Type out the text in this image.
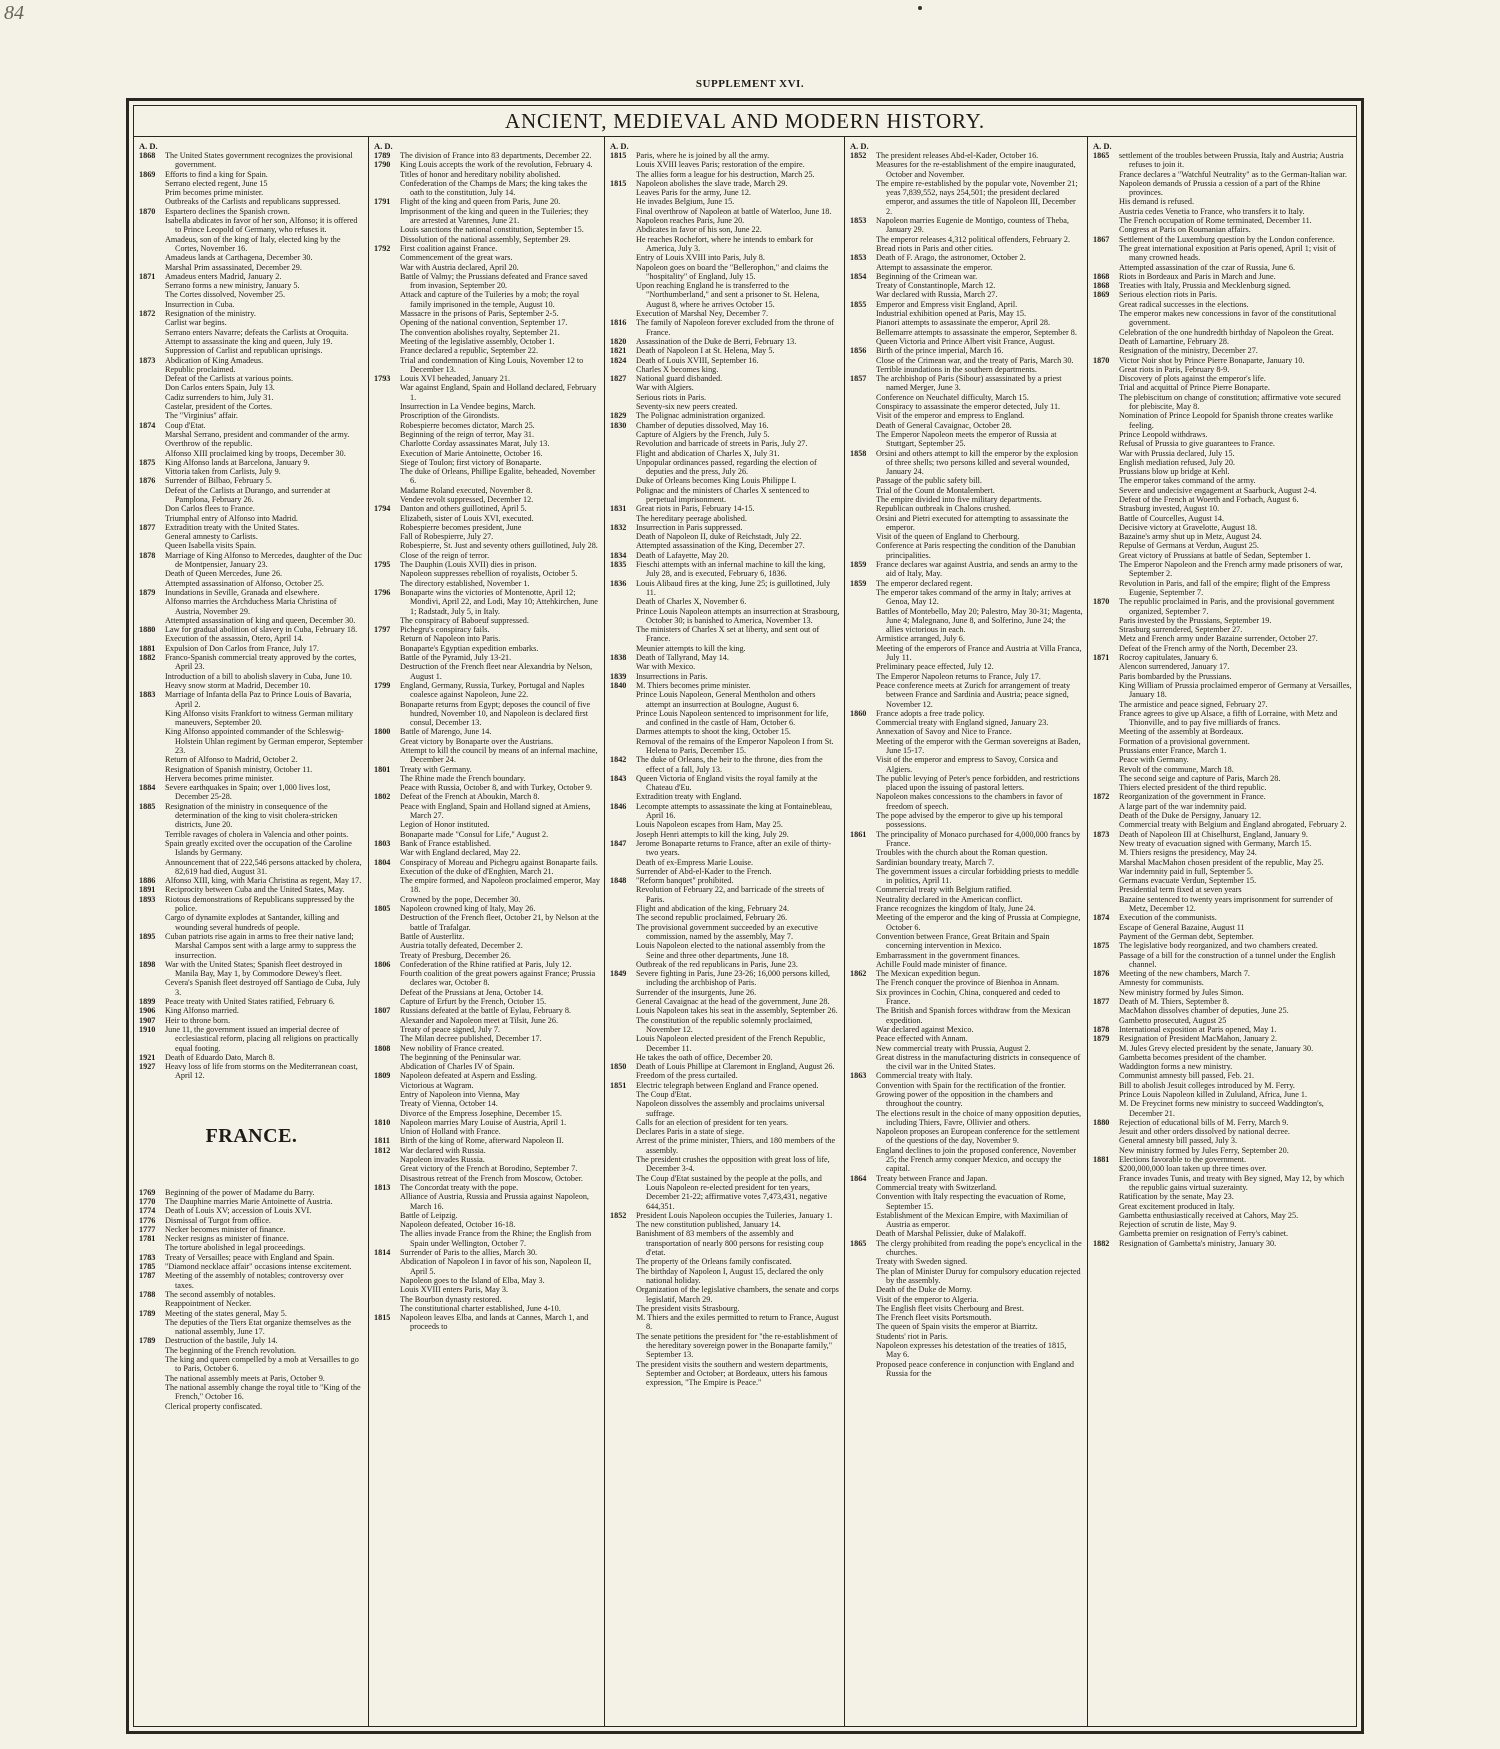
84
SUPPLEMENT XVI.
ANCIENT, MEDIEVAL AND MODERN HISTORY.
A. D.
1868	The United States government recognizes the provisional government.
1869	Efforts to find a king for Spain.
Serrano elected regent, June 15
Prim becomes prime minister.
Outbreaks of the Carlists and republicans suppressed.
1870	Espartero declines the Spanish crown.
Isabella abdicates in favor of her son, Alfonso; it is offered to Prince Leopold of Germany, who refuses it.
Amadeus, son of the king of Italy, elected king by the Cortes, November 16.
Amadeus lands at Carthagena, December 30.
Marshal Prim assassinated, December 29.
1871	Amadeus enters Madrid, January 2.
Serrano forms a new ministry, January 5.
The Cortes dissolved, November 25.
Insurrection in Cuba.
1872	Resignation of the ministry.
Carlist war begins.
Serrano enters Navarre; defeats the Carlists at Oroquita.
Attempt to assassinate the king and queen, July 19.
Suppression of Carlist and republican uprisings.
1873	Abdication of King Amadeus.
Republic proclaimed.
Defeat of the Carlists at various points.
Don Carlos enters Spain, July 13.
Cadiz surrenders to him, July 31.
Castelar, president of the Cortes.
The "Virginius" affair.
1874	Coup d'Etat.
Marshal Serrano, president and commander of the army.
Overthrow of the republic.
Alfonso XIII proclaimed king by troops, December 30.
1875	King Alfonso lands at Barcelona, January 9.
Vittoria taken from Carlists, July 9.
1876	Surrender of Bilbao, February 5.
Defeat of the Carlists at Durango, and surrender at Pamplona, February 26.
Don Carlos flees to France.
Triumphal entry of Alfonso into Madrid.
1877	Extradition treaty with the United States.
General amnesty to Carlists.
Queen Isabella visits Spain.
1878	Marriage of King Alfonso to Mercedes, daughter of the Duc de Montpensier, January 23.
Death of Queen Mercedes, June 26.
Attempted assassination of Alfonso, October 25.
1879	Inundations in Seville, Granada and elsewhere.
Alfonso marries the Archduchess Maria Christina of Austria, November 29.
Attempted assassination of king and queen, December 30.
1880	Law for gradual abolition of slavery in Cuba, February 18.
Execution of the assassin, Otero, April 14.
1881	Expulsion of Don Carlos from France, July 17.
1882	Franco-Spanish commercial treaty approved by the cortes, April 23.
Introduction of a bill to abolish slavery in Cuba, June 10.
Heavy snow storm at Madrid, December 10.
1883	Marriage of Infanta della Paz to Prince Louis of Bavaria, April 2.
King Alfonso visits Frankfort to witness German military maneuvers, September 20.
King Alfonso appointed commander of the Schleswig-Holstein Uhlan regiment by German emperor, September 23.
Return of Alfonso to Madrid, October 2.
Resignation of Spanish ministry, October 11.
Hervera becomes prime minister.
1884	Severe earthquakes in Spain; over 1,000 lives lost, December 25-28.
1885	Resignation of the ministry in consequence of the determination of the king to visit cholera-stricken districts, June 20.
Terrible ravages of cholera in Valencia and other points.
Spain greatly excited over the occupation of the Caroline Islands by Germany.
Announcement that of 222,546 persons attacked by cholera, 82,619 had died, August 31.
1886	Alfonso XIII, king, with Maria Christina as regent, May 17.
1891	Reciprocity between Cuba and the United States, May.
1893	Riotous demonstrations of Republicans suppressed by the police.
Cargo of dynamite explodes at Santander, killing and wounding several hundreds of people.
1895	Cuban patriots rise again in arms to free their native land; Marshal Campos sent with a large army to suppress the insurrection.
1898	War with the United States; Spanish fleet destroyed in Manila Bay, May 1, by Commodore Dewey's fleet.
Cevera's Spanish fleet destroyed off Santiago de Cuba, July 3.
1899	Peace treaty with United States ratified, February 6.
1906	King Alfonso married.
1907	Heir to throne born.
1910	June 11, the government issued an imperial decree of ecclesiastical reform, placing all religions on practically equal footing.
1921	Death of Eduardo Dato, March 8.
1927	Heavy loss of life from storms on the Mediterranean coast, April 12.
FRANCE.
1769	Beginning of the power of Madame du Barry.
1770	The Dauphine marries Marie Antoinette of Austria.
1774	Death of Louis XV; accession of Louis XVI.
1776	Dismissal of Turgot from office.
1777	Necker becomes minister of finance.
1781	Necker resigns as minister of finance.
The torture abolished in legal proceedings.
1783	Treaty of Versailles; peace with England and Spain.
1785	"Diamond necklace affair" occasions intense excitement.
1787	Meeting of the assembly of notables; controversy over taxes.
1788	The second assembly of notables.
Reappointment of Necker.
1789	Meeting of the states general, May 5.
The deputies of the Tiers Etat organize themselves as the national assembly, June 17.
1789	Destruction of the bastile, July 14.
The beginning of the French revolution.
The king and queen compelled by a mob at Versailles to go to Paris, October 6.
The national assembly meets at Paris, October 9.
The national assembly change the royal title to "King of the French," October 16.
Clerical property confiscated.
A. D.
1789	The division of France into 83 departments, December 22.
1790	King Louis accepts the work of the revolution, February 4.
Titles of honor and hereditary nobility abolished.
Confederation of the Champs de Mars; the king takes the oath to the constitution, July 14.
1791	Flight of the king and queen from Paris, June 20.
Imprisonment of the king and queen in the Tuileries; they are arrested at Varennes, June 21.
Louis sanctions the national constitution, September 15.
Dissolution of the national assembly, September 29.
1792	First coalition against France.
Commencement of the great wars.
War with Austria declared, April 20.
Battle of Valmy; the Prussians defeated and France saved from invasion, September 20.
Attack and capture of the Tuileries by a mob; the royal family imprisoned in the temple, August 10.
Massacre in the prisons of Paris, September 2-5.
Opening of the national convention, September 17.
The convention abolishes royalty, September 21.
Meeting of the legislative assembly, October 1.
France declared a republic, September 22.
Trial and condemnation of King Louis, November 12 to December 13.
1793	Louis XVI beheaded, January 21.
War against England, Spain and Holland declared, February 1.
Insurrection in La Vendee begins, March.
Proscription of the Girondists.
Robespierre becomes dictator, March 25.
Beginning of the reign of terror, May 31.
Charlotte Corday assassinates Marat, July 13.
Execution of Marie Antoinette, October 16.
Siege of Toulon; first victory of Bonaparte.
The duke of Orleans, Phillipe Egalite, beheaded, November 6.
Madame Roland executed, November 8.
Vendee revolt suppressed, December 12.
1794	Danton and others guillotined, April 5.
Elizabeth, sister of Louis XVI, executed.
Robespierre becomes president, June
Fall of Robespierre, July 27.
Robespierre, St. Just and seventy others guillotined, July 28.
Close of the reign of terror.
1795	The Dauphin (Louis XVII) dies in prison.
Napoleon suppresses rebellion of royalists, October 5.
The directory established, November 1.
1796	Bonaparte wins the victories of Montenotte, April 12; Mondivi, April 22, and Lodi, May 10; Attehkirchen, June 1; Radstadt, July 5, in Italy.
The conspiracy of Baboeuf suppressed.
1797	Pichegru's conspiracy fails.
Return of Napoleon into Paris.
Bonaparte's Egyptian expedition embarks.
Battle of the Pyramid, July 13-21.
Destruction of the French fleet near Alexandria by Nelson, August 1.
1799	England, Germany, Russia, Turkey, Portugal and Naples coalesce against Napoleon, June 22.
Bonaparte returns from Egypt; deposes the council of five hundred, November 10, and Napoleon is declared first consul, December 13.
1800	Battle of Marengo, June 14.
Great victory by Bonaparte over the Austrians.
Attempt to kill the council by means of an infernal machine, December 24.
1801	Treaty with Germany.
The Rhine made the French boundary.
Peace with Russia, October 8, and with Turkey, October 9.
1802	Defeat of the French at Aboukin, March 8.
Peace with England, Spain and Holland signed at Amiens, March 27.
Legion of Honor instituted.
Bonaparte made "Consul for Life," August 2.
1803	Bank of France established.
War with England declared, May 22.
1804	Conspiracy of Moreau and Pichegru against Bonaparte fails.
Execution of the duke of d'Enghien, March 21.
The empire formed, and Napoleon proclaimed emperor, May 18.
Crowned by the pope, December 30.
1805	Napoleon crowned king of Italy, May 26.
Destruction of the French fleet, October 21, by Nelson at the battle of Trafalgar.
Battle of Austerlitz.
Austria totally defeated, December 2.
Treaty of Presburg, December 26.
1806	Confederation of the Rhine ratified at Paris, July 12.
Fourth coalition of the great powers against France; Prussia declares war, October 8.
Defeat of the Prussians at Jena, October 14.
Capture of Erfurt by the French, October 15.
1807	Russians defeated at the battle of Eylau, February 8.
Alexander and Napoleon meet at Tilsit, June 26.
Treaty of peace signed, July 7.
The Milan decree published, December 17.
1808	New nobility of France created.
The beginning of the Peninsular war.
Abdication of Charles IV of Spain.
1809	Napoleon defeated at Aspern and Essling.
Victorious at Wagram.
Entry of Napoleon into Vienna, May
Treaty of Vienna, October 14.
Divorce of the Empress Josephine, December 15.
1810	Napoleon marries Mary Louise of Austria, April 1.
Union of Holland with France.
1811	Birth of the king of Rome, afterward Napoleon II.
1812	War declared with Russia.
Napoleon invades Russia.
Great victory of the French at Borodino, September 7.
Disastrous retreat of the French from Moscow, October.
1813	The Concordat treaty with the pope.
Alliance of Austria, Russia and Prussia against Napoleon, March 16.
Battle of Leipzig.
Napoleon defeated, October 16-18.
The allies invade France from the Rhine; the English from Spain under Wellington, October 7.
1814	Surrender of Paris to the allies, March 30.
Abdication of Napoleon I in favor of his son, Napoleon II, April 5.
Napoleon goes to the Island of Elba, May 3.
Louis XVIII enters Paris, May 3.
The Bourbon dynasty restored.
The constitutional charter established, June 4-10.
1815	Napoleon leaves Elba, and lands at Cannes, March 1, and proceeds to
A. D.
1815	Paris, where he is joined by all the army.
Louis XVIII leaves Paris; restoration of the empire.
The allies form a league for his destruction, March 25.
1815	Napoleon abolishes the slave trade, March 29.
Leaves Paris for the army, June 12.
He invades Belgium, June 15.
Final overthrow of Napoleon at battle of Waterloo, June 18.
Napoleon reaches Paris, June 20.
Abdicates in favor of his son, June 22.
He reaches Rochefort, where he intends to embark for America, July 3.
Entry of Louis XVIII into Paris, July 8.
Napoleon goes on board the "Bellerophon," and claims the "hospitality" of England, July 15.
Upon reaching England he is transferred to the "Northumberland," and sent a prisoner to St. Helena, August 8, where he arrives October 15.
Execution of Marshal Ney, December 7.
1816	The family of Napoleon forever excluded from the throne of France.
1820	Assassination of the Duke de Berri, February 13.
1821	Death of Napoleon I at St. Helena, May 5.
1824	Death of Louis XVIII, September 16.
Charles X becomes king.
1827	National guard disbanded.
War with Algiers.
Serious riots in Paris.
Seventy-six new peers created.
1829	The Polignac administration organized.
1830	Chamber of deputies dissolved, May 16.
Capture of Algiers by the French, July 5.
Revolution and barricade of streets in Paris, July 27.
Flight and abdication of Charles X, July 31.
Unpopular ordinances passed, regarding the election of deputies and the press, July 26.
Duke of Orleans becomes King Louis Philippe I.
Polignac and the ministers of Charles X sentenced to perpetual imprisonment.
1831	Great riots in Paris, February 14-15.
The hereditary peerage abolished.
1832	Insurrection in Paris suppressed.
Death of Napoleon II, duke of Reichstadt, July 22.
Attempted assassination of the King, December 27.
1834	Death of Lafayette, May 20.
1835	Fieschi attempts with an infernal machine to kill the king, July 28, and is executed, February 6, 1836.
1836	Louis Alibaud fires at the king, June 25; is guillotined, July 11.
Death of Charles X, November 6.
Prince Louis Napoleon attempts an insurrection at Strasbourg, October 30; is banished to America, November 13.
The ministers of Charles X set at liberty, and sent out of France.
Meunier attempts to kill the king.
1838	Death of Tallyrand, May 14.
War with Mexico.
1839	Insurrections in Paris.
1840	M. Thiers becomes prime minister.
Prince Louis Napoleon, General Mentholon and others attempt an insurrection at Boulogne, August 6.
Prince Louis Napoleon sentenced to imprisonment for life, and confined in the castle of Ham, October 6.
Darmes attempts to shoot the king, October 15.
Removal of the remains of the Emperor Napoleon I from St. Helena to Paris, December 15.
1842	The duke of Orleans, the heir to the throne, dies from the effect of a fall, July 13.
1843	Queen Victoria of England visits the royal family at the Chateau d'Eu.
Extradition treaty with England.
1846	Lecompte attempts to assassinate the king at Fontainebleau, April 16.
Louis Napoleon escapes from Ham, May 25.
Joseph Henri attempts to kill the king, July 29.
1847	Jerome Bonaparte returns to France, after an exile of thirty-two years.
Death of ex-Empress Marie Louise.
Surrender of Abd-el-Kader to the French.
1848	"Reform banquet" prohibited.
Revolution of February 22, and barricade of the streets of Paris.
Flight and abdication of the king, February 24.
The second republic proclaimed, February 26.
The provisional government succeeded by an executive commission, named by the assembly, May 7.
Louis Napoleon elected to the national assembly from the Seine and three other departments, June 18.
Outbreak of the red republicans in Paris, June 23.
1849	Severe fighting in Paris, June 23-26; 16,000 persons killed, including the archbishop of Paris.
Surrender of the insurgents, June 26.
General Cavaignac at the head of the government, June 28.
Louis Napoleon takes his seat in the assembly, September 26.
The constitution of the republic solemnly proclaimed, November 12.
Louis Napoleon elected president of the French Republic, December 11.
He takes the oath of office, December 20.
1850	Death of Louis Phillipe at Claremont in England, August 26.
Freedom of the press curtailed.
1851	Electric telegraph between England and France opened.
The Coup d'Etat.
Napoleon dissolves the assembly and proclaims universal suffrage.
Calls for an election of president for ten years.
Declares Paris in a state of siege.
Arrest of the prime minister, Thiers, and 180 members of the assembly.
The president crushes the opposition with great loss of life, December 3-4.
The Coup d'Etat sustained by the people at the polls, and Louis Napoleon re-elected president for ten years, December 21-22; affirmative votes 7,473,431, negative 644,351.
1852	President Louis Napoleon occupies the Tuileries, January 1.
The new constitution published, January 14.
Banishment of 83 members of the assembly and transportation of nearly 800 persons for resisting coup d'etat.
The property of the Orleans family confiscated.
The birthday of Napoleon I, August 15, declared the only national holiday.
Organization of the legislative chambers, the senate and corps legislatif, March 29.
The president visits Strasbourg.
M. Thiers and the exiles permitted to return to France, August 8.
The senate petitions the president for "the re-establishment of the hereditary sovereign power in the Bonaparte family," September 13.
The president visits the southern and western departments, September and October; at Bordeaux, utters his famous expression, "The Empire is Peace."
A. D.
1852	The president releases Abd-el-Kader, October 16.
Measures for the re-establishment of the empire inaugurated, October and November.
The empire re-established by the popular vote, November 21; yeas 7,839,552, nays 254,501; the president declared emperor, and assumes the title of Napoleon III, December 2.
1853	Napoleon marries Eugenie de Montigo, countess of Theba, January 29.
The emperor releases 4,312 political offenders, February 2.
Bread riots in Paris and other cities.
1853	Death of F. Arago, the astronomer, October 2.
Attempt to assassinate the emperor.
1854	Beginning of the Crimean war.
Treaty of Constantinople, March 12.
War declared with Russia, March 27.
1855	Emperor and Empress visit England, April.
Industrial exhibition opened at Paris, May 15.
Pianori attempts to assassinate the emperor, April 28.
Bellemarre attempts to assassinate the emperor, September 8.
Queen Victoria and Prince Albert visit France, August.
1856	Birth of the prince imperial, March 16.
Close of the Crimean war, and the treaty of Paris, March 30.
Terrible inundations in the southern departments.
1857	The archbishop of Paris (Sibour) assassinated by a priest named Merger, June 3.
Conference on Neuchatel difficulty, March 15.
Conspiracy to assassinate the emperor detected, July 11.
Visit of the emperor and empress to England.
Death of General Cavaignac, October 28.
The Emperor Napoleon meets the emperor of Russia at Stuttgart, September 25.
1858	Orsini and others attempt to kill the emperor by the explosion of three shells; two persons killed and several wounded, January 24.
Passage of the public safety bill.
Trial of the Count de Montalembert.
The empire divided into five military departments.
Republican outbreak in Chalons crushed.
Orsini and Pietri executed for attempting to assassinate the emperor.
Visit of the queen of England to Cherbourg.
Conference at Paris respecting the condition of the Danubian principalities.
1859	France declares war against Austria, and sends an army to the aid of Italy, May.
1859	The emperor declared regent.
The emperor takes command of the army in Italy; arrives at Genoa, May 12.
Battles of Montebello, May 20; Palestro, May 30-31; Magenta, June 4; Malegnano, June 8, and Solferino, June 24; the allies victorious in each.
Armistice arranged, July 6.
Meeting of the emperors of France and Austria at Villa Franca, July 11.
Preliminary peace effected, July 12.
The Emperor Napoleon returns to France, July 17.
Peace conference meets at Zurich for arrangement of treaty between France and Sardinia and Austria; peace signed, November 12.
1860	France adopts a free trade policy.
Commercial treaty with England signed, January 23.
Annexation of Savoy and Nice to France.
Meeting of the emperor with the German sovereigns at Baden, June 15-17.
Visit of the emperor and empress to Savoy, Corsica and Algiers.
The public levying of Peter's pence forbidden, and restrictions placed upon the issuing of pastoral letters.
Napoleon makes concessions to the chambers in favor of freedom of speech.
The pope advised by the emperor to give up his temporal possessions.
1861	The principality of Monaco purchased for 4,000,000 francs by France.
Troubles with the church about the Roman question.
Sardinian boundary treaty, March 7.
The government issues a circular forbidding priests to meddle in politics, April 11.
Commercial treaty with Belgium ratified.
Neutrality declared in the American conflict.
France recognizes the kingdom of Italy, June 24.
Meeting of the emperor and the king of Prussia at Compiegne, October 6.
Convention between France, Great Britain and Spain concerning intervention in Mexico.
Embarrassment in the government finances.
Achille Fould made minister of finance.
1862	The Mexican expedition begun.
The French conquer the province of Bienhoa in Annam.
Six provinces in Cochin, China, conquered and ceded to France.
The British and Spanish forces withdraw from the Mexican expedition.
War declared against Mexico.
Peace effected with Annam.
New commercial treaty with Prussia, August 2.
Great distress in the manufacturing districts in consequence of the civil war in the United States.
1863	Commercial treaty with Italy.
Convention with Spain for the rectification of the frontier.
Growing power of the opposition in the chambers and throughout the country.
The elections result in the choice of many opposition deputies, including Thiers, Favre, Ollivier and others.
Napoleon proposes an European conference for the settlement of the questions of the day, November 9.
England declines to join the proposed conference, November 25; the French army conquer Mexico, and occupy the capital.
1864	Treaty between France and Japan.
Commercial treaty with Switzerland.
Convention with Italy respecting the evacuation of Rome, September 15.
Establishment of the Mexican Empire, with Maximilian of Austria as emperor.
Death of Marshal Pelissier, duke of Malakoff.
1865	The clergy prohibited from reading the pope's encyclical in the churches.
Treaty with Sweden signed.
The plan of Minister Duruy for compulsory education rejected by the assembly.
Death of the Duke de Morny.
Visit of the emperor to Algeria.
The English fleet visits Cherbourg and Brest.
The French fleet visits Portsmouth.
The queen of Spain visits the emperor at Biarritz.
Students' riot in Paris.
Napoleon expresses his detestation of the treaties of 1815, May 6.
Proposed peace conference in conjunction with England and Russia for the
A. D.
1865	settlement of the troubles between Prussia, Italy and Austria; Austria refuses to join it.
France declares a "Watchful Neutrality" as to the German-Italian war.
Napoleon demands of Prussia a cession of a part of the Rhine provinces.
His demand is refused.
Austria cedes Venetia to France, who transfers it to Italy.
The French occupation of Rome terminated, December 11.
Congress at Paris on Roumanian affairs.
1867	Settlement of the Luxemburg question by the London conference.
The great international exposition at Paris opened, April 1; visit of many crowned heads.
Attempted assassination of the czar of Russia, June 6.
1868	Riots in Bordeaux and Paris in March and June.
1868	Treaties with Italy, Prussia and Mecklenburg signed.
1869	Serious election riots in Paris.
Great radical successes in the elections.
The emperor makes new concessions in favor of the constitutional government.
Celebration of the one hundredth birthday of Napoleon the Great.
Death of Lamartine, February 28.
Resignation of the ministry, December 27.
1870	Victor Noir shot by Prince Pierre Bonaparte, January 10.
Great riots in Paris, February 8-9.
Discovery of plots against the emperor's life.
Trial and acquittal of Prince Pierre Bonaparte.
The plebiscitum on change of constitution; affirmative vote secured for plebiscite, May 8.
Nomination of Prince Leopold for Spanish throne creates warlike feeling.
Prince Leopold withdraws.
Refusal of Prussia to give guarantees to France.
War with Prussia declared, July 15.
English mediation refused, July 20.
Prussians blow up bridge at Kehl.
The emperor takes command of the army.
Severe and undecisive engagement at Saarbuck, August 2-4.
Defeat of the French at Woerth and Forbach, August 6.
Strasburg invested, August 10.
Battle of Courcelles, August 14.
Decisive victory at Gravelotte, August 18.
Bazaine's army shut up in Metz, August 24.
Repulse of Germans at Verdun, August 25.
Great victory of Prussians at battle of Sedan, September 1.
The Emperor Napoleon and the French army made prisoners of war, September 2.
Revolution in Paris, and fall of the empire; flight of the Empress Eugenie, September 7.
1870	The republic proclaimed in Paris, and the provisional government organized, September 7.
Paris invested by the Prussians, September 19.
Strasburg surrendered, September 27.
Metz and French army under Bazaine surrender, October 27.
Defeat of the French army of the North, December 23.
1871	Rocroy capitulates, January 6.
Alencon surrendered, January 17.
Paris bombarded by the Prussians.
King William of Prussia proclaimed emperor of Germany at Versailles, January 18.
The armistice and peace signed, February 27.
France agrees to give up Alsace, a fifth of Lorraine, with Metz and Thionville, and to pay five milliards of francs.
Meeting of the assembly at Bordeaux.
Formation of a provisional government.
Prussians enter France, March 1.
Peace with Germany.
Revolt of the commune, March 18.
The second seige and capture of Paris, March 28.
Thiers elected president of the third republic.
1872	Reorganization of the government in France.
A large part of the war indemnity paid.
Death of the Duke de Persigny, January 12.
Commercial treaty with Belgium and England abrogated, February 2.
1873	Death of Napoleon III at Chiselhurst, England, January 9.
New treaty of evacuation signed with Germany, March 15.
M. Thiers resigns the presidency, May 24.
Marshal MacMahon chosen president of the republic, May 25.
War indemnity paid in full, September 5.
Germans evacuate Verdun, September 15.
Presidential term fixed at seven years
Bazaine sentenced to twenty years imprisonment for surrender of Metz, December 12.
1874	Execution of the communists.
Escape of General Bazaine, August 11
Payment of the German debt, September.
1875	The legislative body reorganized, and two chambers created.
Passage of a bill for the construction of a tunnel under the English channel.
1876	Meeting of the new chambers, March 7.
Amnesty for communists.
New ministry formed by Jules Simon.
1877	Death of M. Thiers, September 8.
MacMahon dissolves chamber of deputies, June 25.
Gambetto prosecuted, August 25
1878	International exposition at Paris opened, May 1.
1879	Resignation of President MacMahon, January 2.
M. Jules Grevy elected president by the senate, January 30.
Gambetta becomes president of the chamber.
Waddington forms a new ministry.
Communist amnesty bill passed, Feb. 21.
Bill to abolish Jesuit colleges introduced by M. Ferry.
Prince Louis Napoleon killed in Zululand, Africa, June 1.
M. De Freycinet forms new ministry to succeed Waddington's, December 21.
1880	Rejection of educational bills of M. Ferry, March 9.
Jesuit and other orders dissolved by national decree.
General amnesty bill passed, July 3.
New ministry formed by Jules Ferry, September 20.
1881	Elections favorable to the government.
$200,000,000 loan taken up three times over.
France invades Tunis, and treaty with Bey signed, May 12, by which the republic gains virtual suzerainty.
Ratification by the senate, May 23.
Great excitement produced in Italy.
Gambetta enthusiastically received at Cahors, May 25.
Rejection of scrutin de liste, May 9.
Gambetta premier on resignation of Ferry's cabinet.
1882	Resignation of Gambetta's ministry, January 30.
